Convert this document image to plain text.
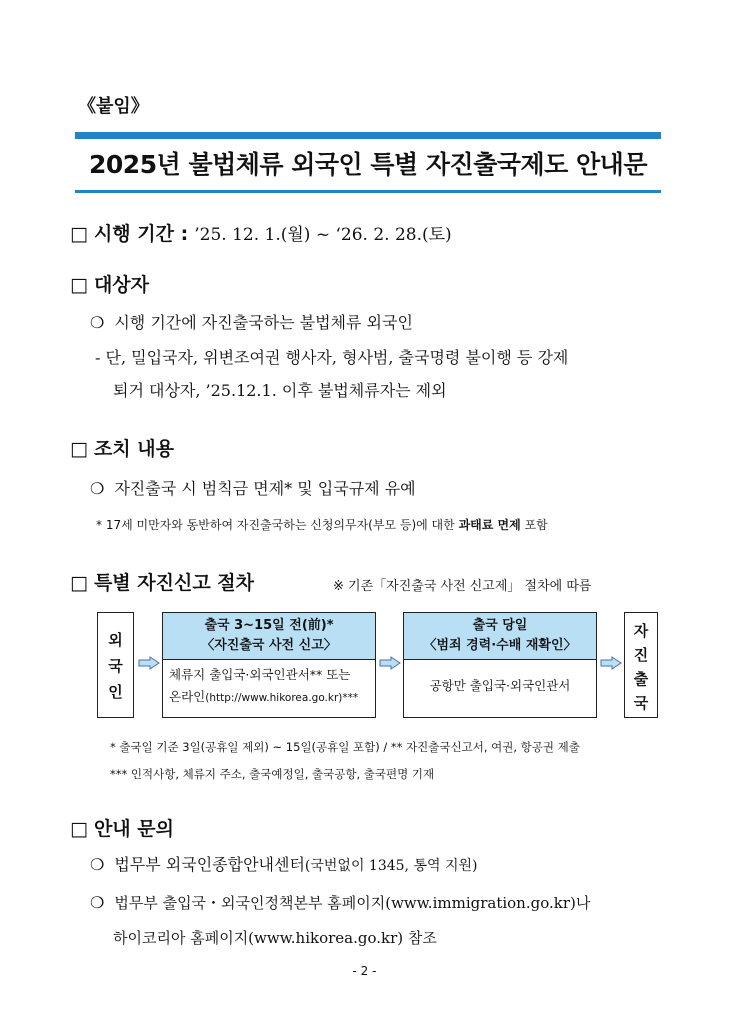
《붙임》
2025년 불법체류 외국인 특별 자진출국제도 안내문
□ 시행 기간 : ’25. 12. 1.(월) ~ ‘26. 2. 28.(토)
□ 대상자
❍ 시행 기간에 자진출국하는 불법체류 외국인
- 단, 밀입국자, 위변조여권 행사자, 형사범, 출국명령 불이행 등 강제
퇴거 대상자, ’25.12.1. 이후 불법체류자는 제외
□ 조치 내용
❍ 자진출국 시 범칙금 면제* 및 입국규제 유예
* 17세 미만자와 동반하여 자진출국하는 신청의무자(부모 등)에 대한 과태료 면제 포함
□ 특별 자진신고 절차	※ 기존「자진출국 사전 신고제」 절차에 따름
외
국
인
출국 3~15일 전(前)*
〈자진출국 사전 신고〉
체류지 출입국·외국인관서** 또는
온라인(http://www.hikorea.go.kr)***
출국 당일
〈범죄 경력·수배 재확인〉
공항만 출입국·외국인관서
자
진
출
국
* 출국일 기준 3일(공휴일 제외) ~ 15일(공휴일 포함) / ** 자진출국신고서, 여권, 항공권 제출
*** 인적사항, 체류지 주소, 출국예정일, 출국공항, 출국편명 기재
□ 안내 문의
❍ 법무부 외국인종합안내센터(국번없이 1345, 통역 지원)
❍ 법무부 출입국・외국인정책본부 홈페이지(www.immigration.go.kr)나
하이코리아 홈페이지(www.hikorea.go.kr) 참조
- 2 -
